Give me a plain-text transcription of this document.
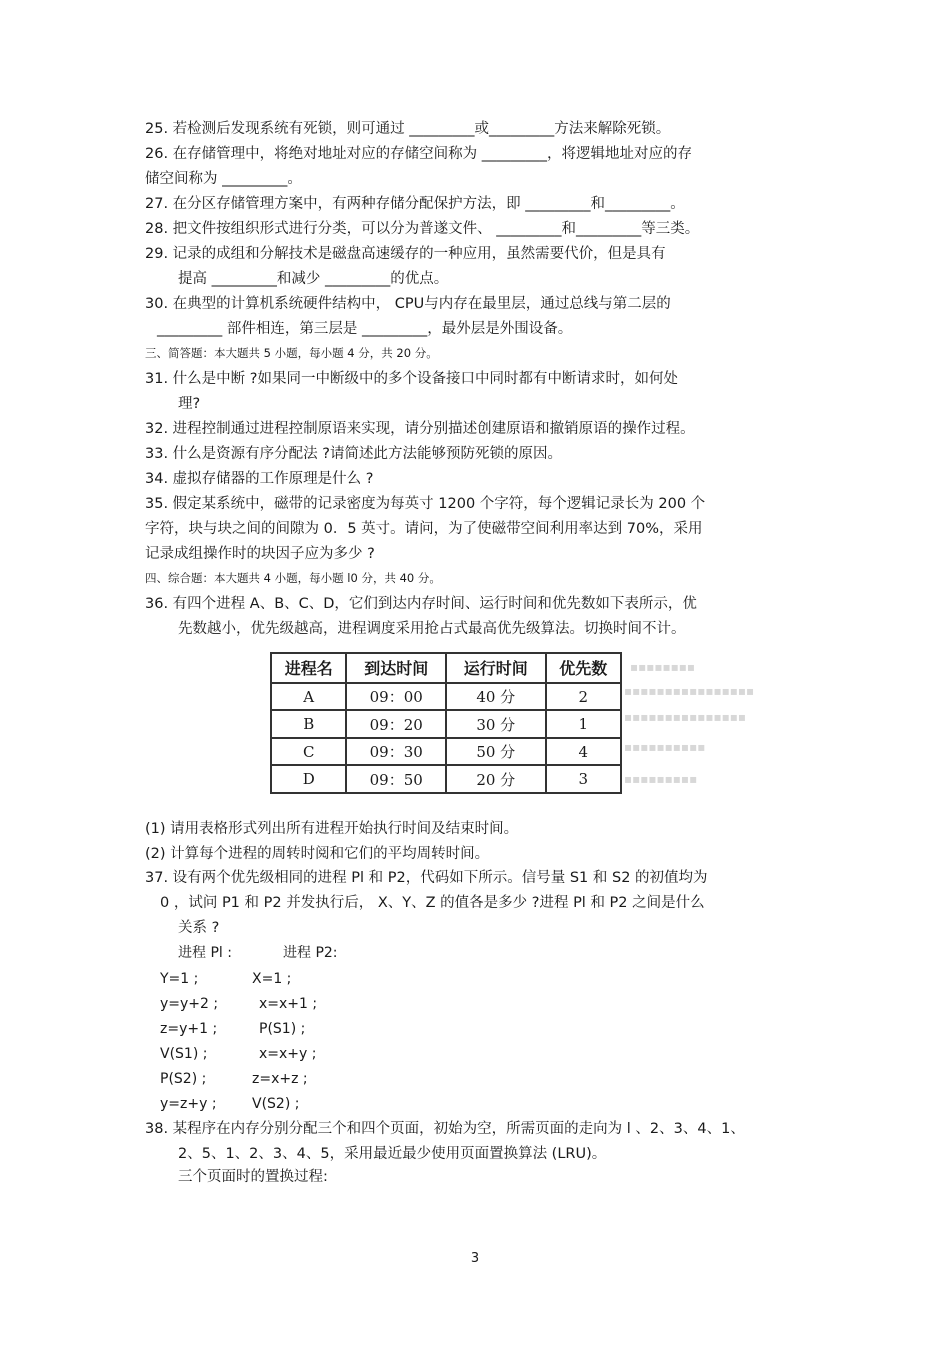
25. 若检测后发现系统有死锁，则可通过 _________或_________方法来解除死锁。
26. 在存储管理中，将绝对地址对应的存储空间称为 _________，将逻辑地址对应的存
储空间称为 _________。
27. 在分区存储管理方案中，有两种存储分配保护方法，即 _________和_________。
28. 把文件按组织形式进行分类，可以分为普遂文件、 _________和_________等三类。
29. 记录的成组和分解技术是磁盘高速缓存的一种应用，虽然需要代价，但是具有
提高 _________和减少 _________的优点。
30. 在典型的计算机系统硬件结构中， CPU与内存在最里层，通过总线与第二层的
_________ 部件相连，第三层是 _________，最外层是外围设备。
三、简答题：本大题共 5 小题，每小题 4 分，共 20 分。
31. 什么是中断 ?如果同一中断级中的多个设备接口中同时都有中断请求时，如何处
理?
32. 进程控制通过进程控制原语来实现，请分别描述创建原语和撤销原语的操作过程。
33. 什么是资源有序分配法 ?请简述此方法能够预防死锁的原因。
34. 虚拟存储器的工作原理是什么 ?
35. 假定某系统中，磁带的记录密度为每英寸 1200 个字符，每个逻辑记录长为 200 个
字符，块与块之间的间隙为 0．5 英寸。请问，为了使磁带空间利用率达到 70%，采用
记录成组操作时的块因子应为多少 ?
四、综合题：本大题共 4 小题，每小题 l0 分，共 40 分。
36. 有四个进程 A、B、C、D，它们到达内存时间、运行时间和优先数如下表所示，优
先数越小，优先级越高，进程调度采用抢占式最高优先级算法。切换时间不计。
▪▪▪▪▪▪▪▪
▪▪▪▪▪▪▪▪▪▪▪▪▪▪▪▪
▪▪▪▪▪▪▪▪▪▪▪▪▪▪▪
▪▪▪▪▪▪▪▪▪▪
▪▪▪▪▪▪▪▪▪
进程名	到达时间	运行时间	优先数
A	09：00	40 分	2
B	09：20	30 分	1
C	09：30	50 分	4
D	09：50	20 分	3
(1) 请用表格形式列出所有进程开始执行时间及结束时间。
(2) 计算每个进程的周转时阅和它们的平均周转时间。
37. 设有两个优先级相同的进程 Pl 和 P2，代码如下所示。信号量 S1 和 S2 的初值均为
0 ，试问 P1 和 P2 并发执行后， X、Y、Z 的值各是多少 ?进程 Pl 和 P2 之间是什么
关系 ?
进程 Pl :	进程 P2:
Y=1 ;
y=y+2 ;
z=y+1 ;
V(S1) ;
P(S2) ;
y=z+y ;
X=1 ;
x=x+1 ;
P(S1) ;
x=x+y ;
z=x+z ;
V(S2) ;
38. 某程序在内存分别分配三个和四个页面，初始为空，所需页面的走向为 l 、2、3、4、1、
2、5、1、2、3、4、5，采用最近最少使用页面置换算法 (LRU)。
三个页面时的置换过程:
3
